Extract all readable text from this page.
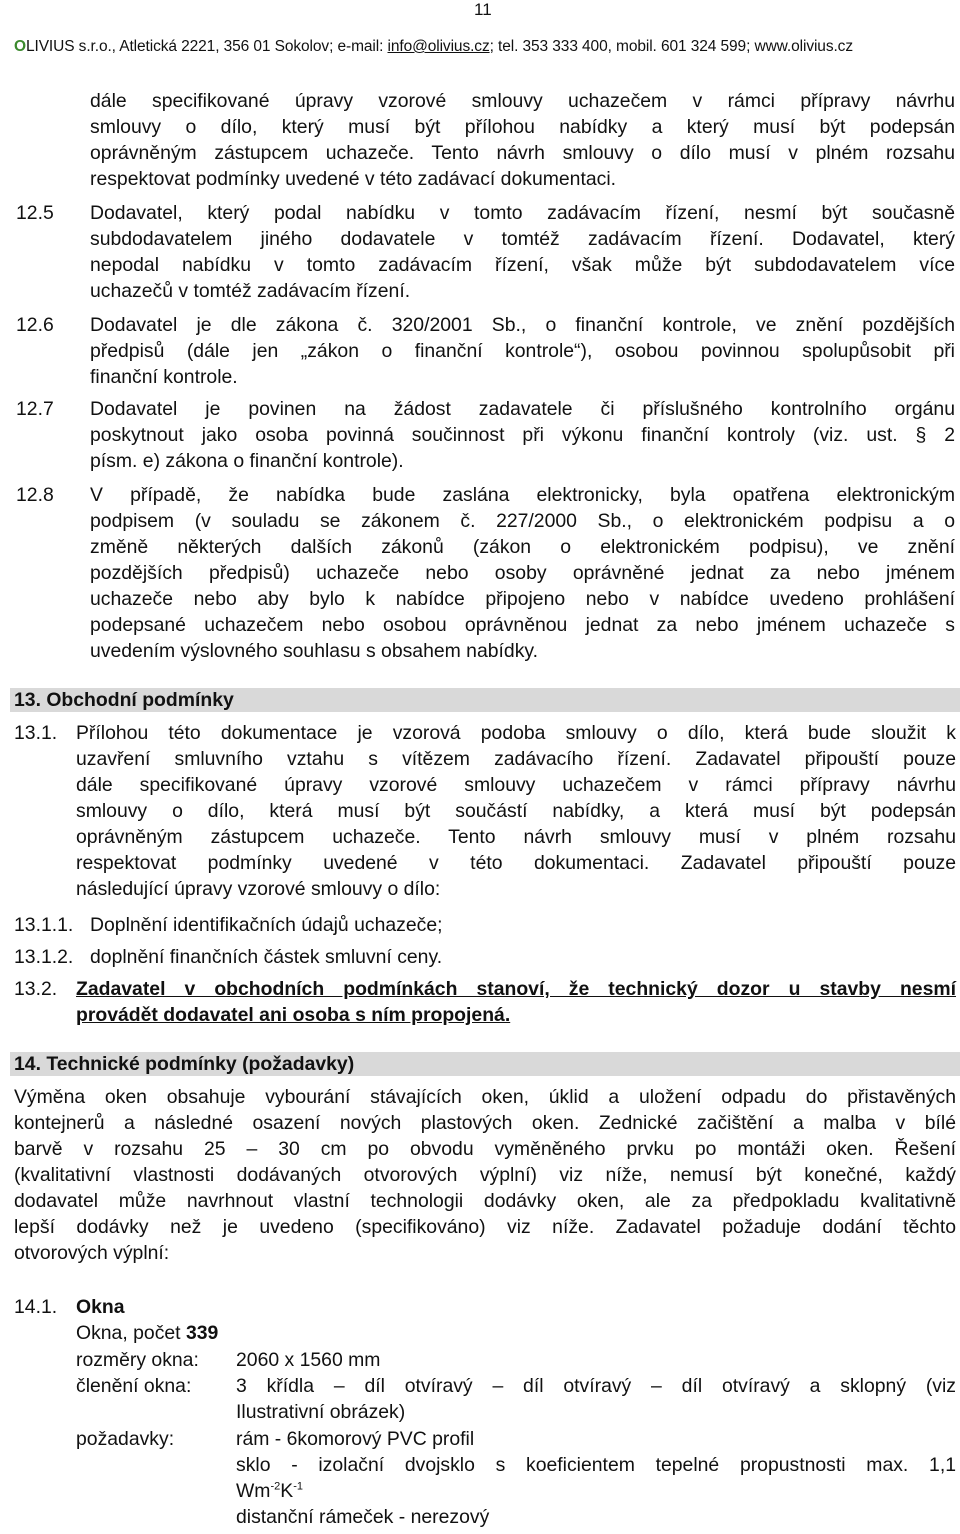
11
OLIVIUS s.r.o., Atletická 2221, 356 01 Sokolov; e-mail: info@olivius.cz; tel. 353 333 400, mobil. 601 324 599; www.olivius.cz
dále specifikované úpravy vzorové smlouvy uchazečem v rámci přípravy návrhu
smlouvy o dílo, který musí být přílohou nabídky a který musí být podepsán
oprávněným zástupcem uchazeče. Tento návrh smlouvy o dílo musí v plném rozsahu
respektovat podmínky uvedené v této zadávací dokumentaci.
12.5 Dodavatel, který podal nabídku v tomto zadávacím řízení, nesmí být současně
subdodavatelem jiného dodavatele v tomtéž zadávacím řízení. Dodavatel, který
nepodal nabídku v tomto zadávacím řízení, však může být subdodavatelem více
uchazečů v tomtéž zadávacím řízení.
12.6 Dodavatel je dle zákona č. 320/2001 Sb., o finanční kontrole, ve znění pozdějších
předpisů (dále jen „zákon o finanční kontrole“), osobou povinnou spolupůsobit při
finanční kontrole.
12.7 Dodavatel je povinen na žádost zadavatele či příslušného kontrolního orgánu
poskytnout jako osoba povinná součinnost při výkonu finanční kontroly (viz. ust. § 2
písm. e) zákona o finanční kontrole).
12.8 V případě, že nabídka bude zaslána elektronicky, byla opatřena elektronickým
podpisem (v souladu se zákonem č. 227/2000 Sb., o elektronickém podpisu a o
změně některých dalších zákonů (zákon o elektronickém podpisu), ve znění
pozdějších předpisů) uchazeče nebo osoby oprávněné jednat za nebo jménem
uchazeče nebo aby bylo k nabídce připojeno nebo v nabídce uvedeno prohlášení
podepsané uchazečem nebo osobou oprávněnou jednat za nebo jménem uchazeče s
uvedením výslovného souhlasu s obsahem nabídky.
13. Obchodní podmínky
13.1. Přílohou této dokumentace je vzorová podoba smlouvy o dílo, která bude sloužit k
uzavření smluvního vztahu s vítězem zadávacího řízení. Zadavatel připouští pouze
dále specifikované úpravy vzorové smlouvy uchazečem v rámci přípravy návrhu
smlouvy o dílo, která musí být součástí nabídky, a která musí být podepsán
oprávněným zástupcem uchazeče. Tento návrh smlouvy musí v plném rozsahu
respektovat podmínky uvedené v této dokumentaci. Zadavatel připouští pouze
následující úpravy vzorové smlouvy o dílo:
13.1.1. Doplnění identifikačních údajů uchazeče;
13.1.2. doplnění finančních částek smluvní ceny.
13.2. Zadavatel v obchodních podmínkách stanoví, že technický dozor u stavby nesmí
provádět dodavatel ani osoba s ním propojená.
14. Technické podmínky (požadavky)
Výměna oken obsahuje vybourání stávajících oken, úklid a uložení odpadu do přistavěných
kontejnerů a následné osazení nových plastových oken. Zednické začištění a malba v bílé
barvě v rozsahu 25 – 30 cm po obvodu vyměněného prvku po montáži oken. Řešení
(kvalitativní vlastnosti dodávaných otvorových výplní) viz níže, nemusí být konečné, každý
dodavatel může navrhnout vlastní technologii dodávky oken, ale za předpokladu kvalitativně
lepší dodávky než je uvedeno (specifikováno) viz níže. Zadavatel požaduje dodání těchto
otvorových výplní:
14.1. Okna
Okna, počet 339
rozměry okna: 2060 x 1560 mm
členění okna: 3 křídla – díl otvíravý – díl otvíravý – díl otvíravý a sklopný (viz
Ilustrativní obrázek)
požadavky:	rám - 6komorový PVC profil
sklo - izolační dvojsklo s koeficientem tepelné propustnosti max. 1,1
$Wm^{-2}K^{-1}$
distanční rámeček - nerezový
